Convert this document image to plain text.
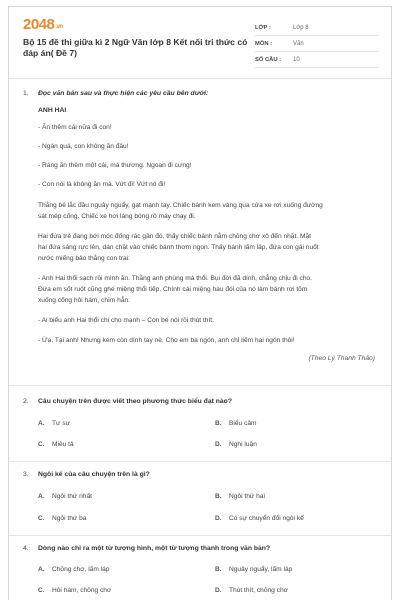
2048.vn
Bộ 15 đề thi giữa kì 2 Ngữ Văn lớp 8 Kết nối tri thức có đáp án( Đề 7)
LỚP :	Lớp 8
MÔN :	Văn
SỐ CÂU :	10
1. Đọc văn bản sau và thực hiện các yêu cầu bên dưới:
ANH HAI
- Ăn thêm cái nữa đi con!
- Ngán quá, con không ăn đâu!
- Ráng ăn thêm một cái, má thương. Ngoan đi cưng!
- Con nói là không ăn mà. Vứt đi! Vứt nó đi!
Thằng bé lắc đầu nguây nguẩy, gạt mạnh tay. Chiếc bánh kem vàng qua cửa xe rơi xuống đường
sát mép cống. Chiếc xe hơi láng bóng rồ máy chạy đi.
Hai đứa trẻ đang bới móc đống rác gần đó, thấy chiếc bánh nằm chỏng chơ xô đến nhặt. Mặt
hai đứa sáng rực lên, dán chặt vào chiếc bánh thơm ngon. Thấy bánh lấm láp, đứa con gái nuốt
nước miếng bảo thằng con trai:
- Anh Hai thổi sạch rồi mình ăn. Thằng anh phùng má thổi. Bụi đời đã dính, chẳng chịu đi cho.
Đứa em sốt ruột cũng ghé miệng thổi tiếp. Chính cái miệng hau đói của nó làm bánh rơi tõm
xuống cống hôi hám, chìm hẳn.
- Ai biểu anh Hai thổi chi cho mạnh – Con bé nói rồi thút thít.
- Ừa. Tại anh! Nhưng kem còn dính tay nè. Cho em ba ngón, anh chỉ liếm hai ngón thôi!
(Theo Lý Thanh Thảo)
2. Câu chuyện trên được viết theo phương thức biểu đạt nào?
A. Tự sự	B. Biểu cảm
C. Miêu tả	D. Nghị luận
3. Ngôi kể của câu chuyện trên là gì?
A. Ngôi thứ nhất	B. Ngôi thứ hai
C. Ngôi thứ ba	D. Có sự chuyển đổi ngôi kể
4. Dòng nào chỉ ra một từ tượng hình, một từ tượng thanh trong văn bản?
A. Chỏng chơ, lấm láp	B. Nguây nguẩy, lấm láp
C. Hôi hám, chỏng chơ	D. Thút thít, chỏng chơ
